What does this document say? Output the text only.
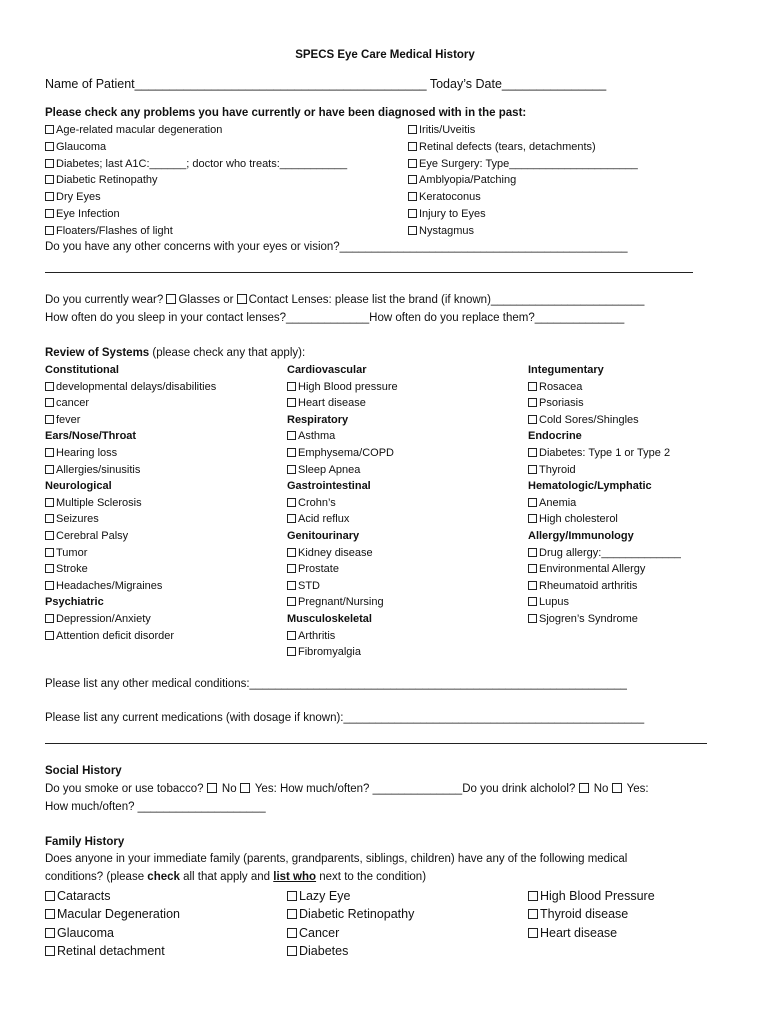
SPECS Eye Care Medical History
Name of Patient__________________________________________ Today’s Date_______________
Please check any problems you have currently or have been diagnosed with in the past:
Age-related macular degeneration
Glaucoma
Diabetes; last A1C:______; doctor who treats:___________
Diabetic Retinopathy
Dry Eyes
Eye Infection
Floaters/Flashes of light
Iritis/Uveitis
Retinal defects (tears, detachments)
Eye Surgery: Type_____________________
Amblyopia/Patching
Keratoconus
Injury to Eyes
Nystagmus
Do you have any other concerns with your eyes or vision?_____________________________________________
Do you currently wear? Glasses or Contact Lenses: please list the brand (if known)________________________
How often do you sleep in your contact lenses?_____________How often do you replace them?______________
Review of Systems (please check any that apply):
Constitutional
developmental delays/disabilities
cancer
fever
Ears/Nose/Throat
Hearing loss
Allergies/sinusitis
Neurological
Multiple Sclerosis
Seizures
Cerebral Palsy
Tumor
Stroke
Headaches/Migraines
Psychiatric
Depression/Anxiety
Attention deficit disorder
Cardiovascular
High Blood pressure
Heart disease
Respiratory
Asthma
Emphysema/COPD
Sleep Apnea
Gastrointestinal
Crohn’s
Acid reflux
Genitourinary
Kidney disease
Prostate
STD
Pregnant/Nursing
Musculoskeletal
Arthritis
Fibromyalgia
Integumentary
Rosacea
Psoriasis
Cold Sores/Shingles
Endocrine
Diabetes: Type 1 or Type 2
Thyroid
Hematologic/Lymphatic
Anemia
High cholesterol
Allergy/Immunology
Drug allergy:_____________
Environmental Allergy
Rheumatoid arthritis
Lupus
Sjogren’s Syndrome
Please list any other medical conditions:___________________________________________________________
Please list any current medications (with dosage if known):_______________________________________________
Social History
Do you smoke or use tobacco?  No  Yes: How much/often? ______________Do you drink alcholol?  No  Yes:
How much/often? ____________________
Family History
Does anyone in your immediate family (parents, grandparents, siblings, children) have any of the following medical
conditions? (please check all that apply and list who next to the condition)
Cataracts
Macular Degeneration
Glaucoma
Retinal detachment
Lazy Eye
Diabetic Retinopathy
Cancer
Diabetes
High Blood Pressure
Thyroid disease
Heart disease
